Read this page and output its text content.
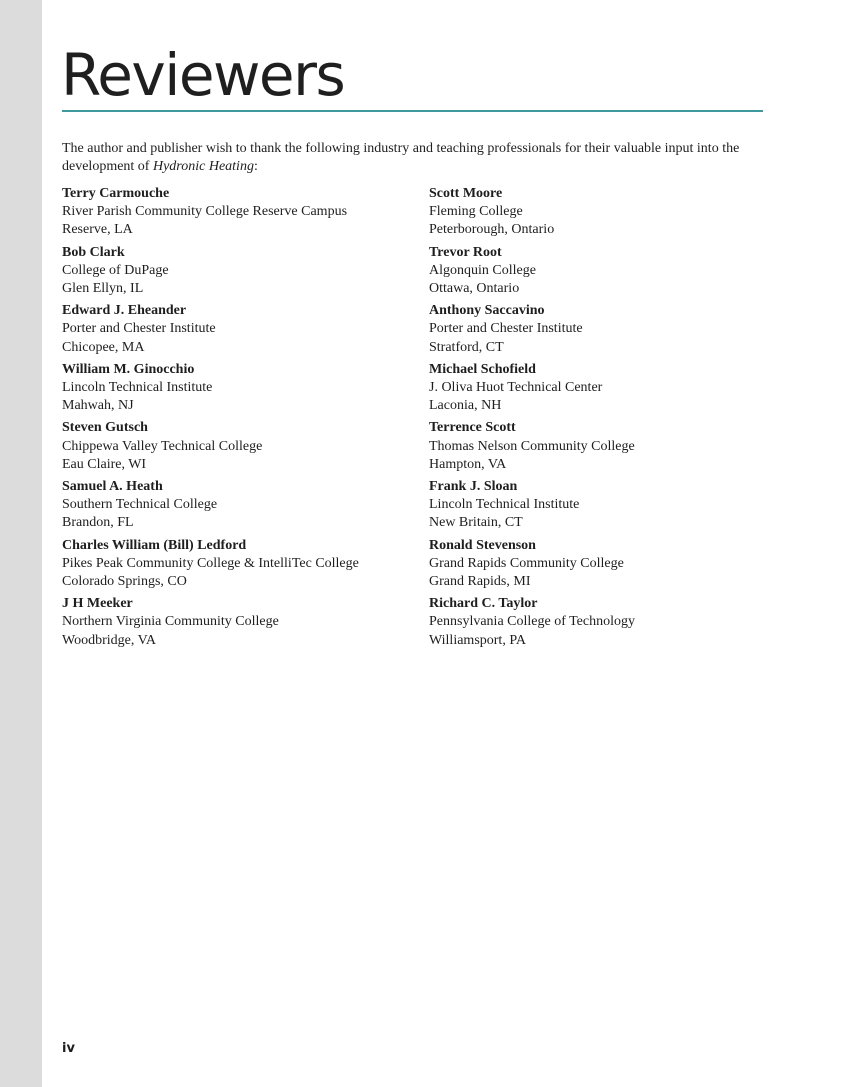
Reviewers

The author and publisher wish to thank the following industry and teaching professionals for their valuable input into the development of Hydronic Heating:

Terry Carmouche
River Parish Community College Reserve Campus
Reserve, LA
Bob Clark
College of DuPage
Glen Ellyn, IL
Edward J. Eheander
Porter and Chester Institute
Chicopee, MA
William M. Ginocchio
Lincoln Technical Institute
Mahwah, NJ
Steven Gutsch
Chippewa Valley Technical College
Eau Claire, WI
Samuel A. Heath
Southern Technical College
Brandon, FL
Charles William (Bill) Ledford
Pikes Peak Community College & IntelliTec College
Colorado Springs, CO
J H Meeker
Northern Virginia Community College
Woodbridge, VA
Scott Moore
Fleming College
Peterborough, Ontario
Trevor Root
Algonquin College
Ottawa, Ontario
Anthony Saccavino
Porter and Chester Institute
Stratford, CT
Michael Schofield
J. Oliva Huot Technical Center
Laconia, NH
Terrence Scott
Thomas Nelson Community College
Hampton, VA
Frank J. Sloan
Lincoln Technical Institute
New Britain, CT
Ronald Stevenson
Grand Rapids Community College
Grand Rapids, MI
Richard C. Taylor
Pennsylvania College of Technology
Williamsport, PA
iv
